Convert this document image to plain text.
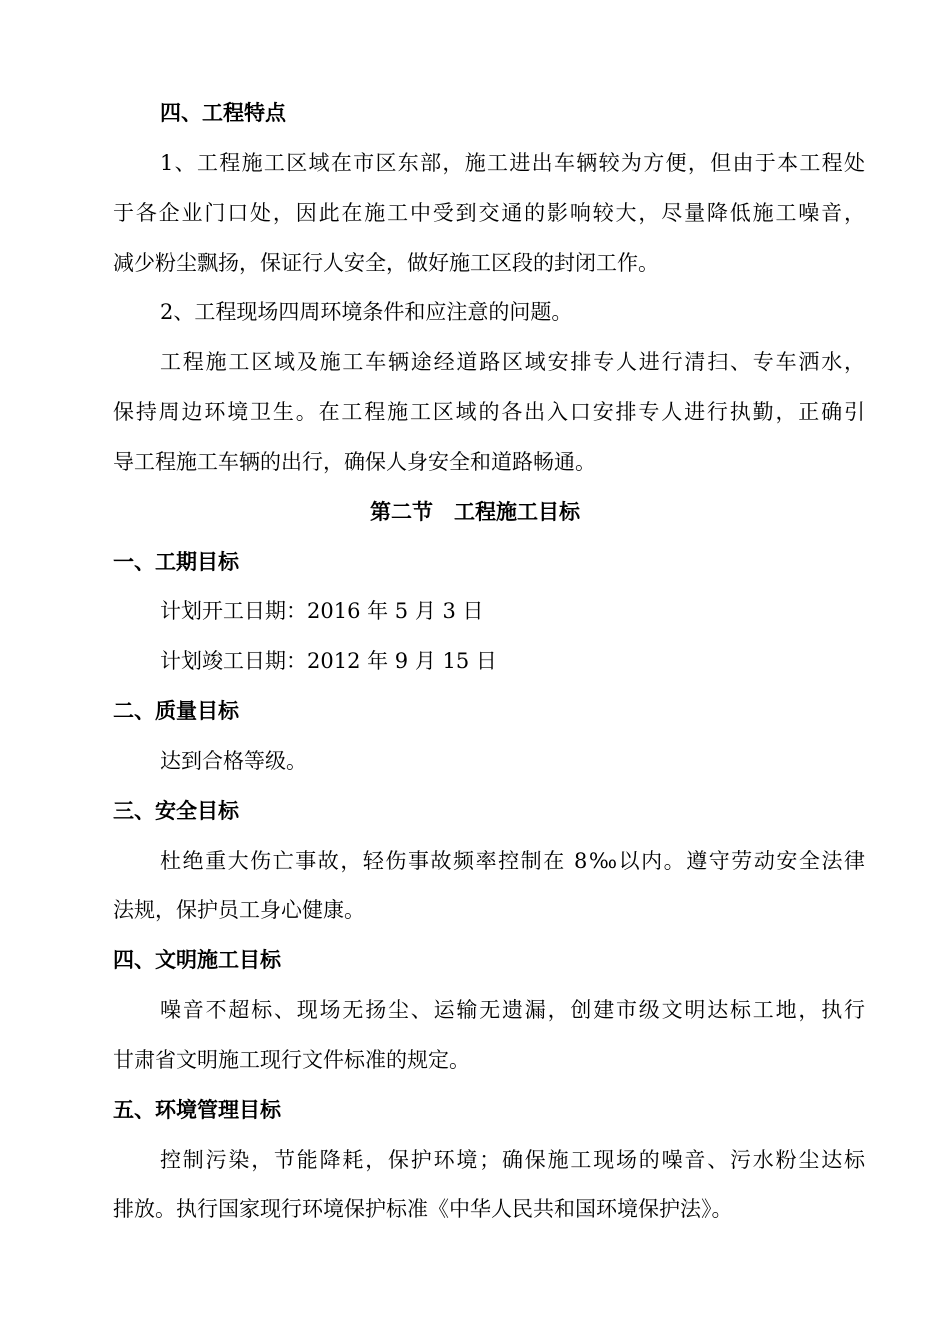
四、工程特点
1、工程施工区域在市区东部，施工进出车辆较为方便，但由于本工程处
于各企业门口处，因此在施工中受到交通的影响较大，尽量降低施工噪音，
减少粉尘飘扬，保证行人安全，做好施工区段的封闭工作。
2、工程现场四周环境条件和应注意的问题。
工程施工区域及施工车辆途经道路区域安排专人进行清扫、专车洒水，
保持周边环境卫生。在工程施工区域的各出入口安排专人进行执勤，正确引
导工程施工车辆的出行，确保人身安全和道路畅通。
第二节　工程施工目标
一、工期目标
计划开工日期：2016 年 5 月 3 日
计划竣工日期：2012 年 9 月 15 日
二、质量目标
达到合格等级。
三、安全目标
杜绝重大伤亡事故，轻伤事故频率控制在 8‰以内。遵守劳动安全法律
法规，保护员工身心健康。
四、文明施工目标
噪音不超标、现场无扬尘、运输无遗漏，创建市级文明达标工地，执行
甘肃省文明施工现行文件标准的规定。
五、环境管理目标
控制污染，节能降耗，保护环境；确保施工现场的噪音、污水粉尘达标
排放。执行国家现行环境保护标准《中华人民共和国环境保护法》。
